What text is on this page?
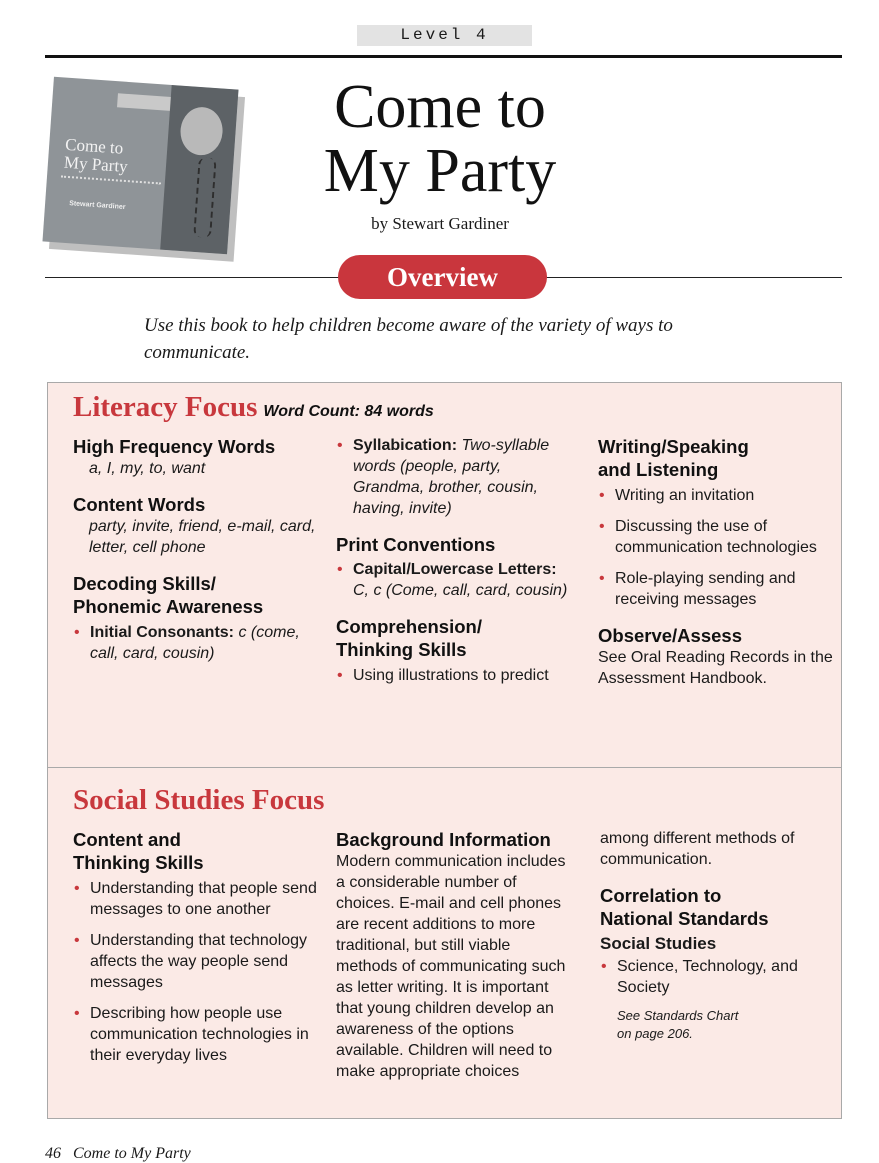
Level 4
Come to
My Party
Stewart Gardiner
Come to
My Party
by Stewart Gardiner
Overview
Use this book to help children become aware of the variety of ways to communicate.
Literacy Focus Word Count: 84 words
High Frequency Words
a, I, my, to, want
Content Words
party, invite, friend, e-mail, card, letter, cell phone
Decoding Skills/
Phonemic Awareness
• Initial Consonants: c (come, call, card, cousin)
• Syllabication: Two-syllable words (people, party, Grandma, brother, cousin, having, invite)
Print Conventions
• Capital/Lowercase Letters: C, c (Come, call, card, cousin)
Comprehension/
Thinking Skills
• Using illustrations to predict
Writing/Speaking
and Listening
• Writing an invitation
• Discussing the use of communication technologies
• Role-playing sending and receiving messages
Observe/Assess
See Oral Reading Records in the Assessment Handbook.
Social Studies Focus
Content and
Thinking Skills
• Understanding that people send messages to one another
• Understanding that technology affects the way people send messages
• Describing how people use communication technologies in their everyday lives
Background Information
Modern communication includes a considerable number of choices. E-mail and cell phones are recent additions to more traditional, but still viable methods of communicating such as letter writing. It is important that young children develop an awareness of the options available. Children will need to make appropriate choices
among different methods of communication.
Correlation to
National Standards
Social Studies
• Science, Technology, and Society
See Standards Chart
on page 206.
46 Come to My Party
